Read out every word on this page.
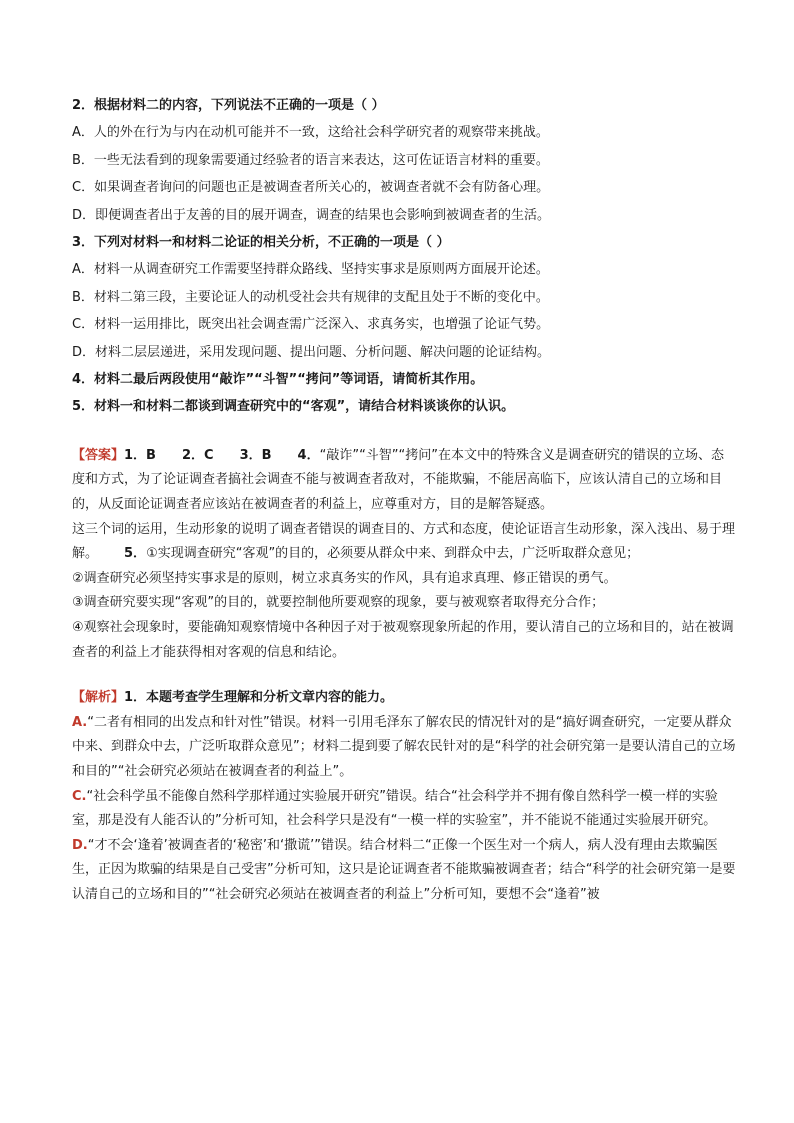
2．根据材料二的内容，下列说法不正确的一项是（ ）

A．人的外在行为与内在动机可能并不一致，这给社会科学研究者的观察带来挑战。

B．一些无法看到的现象需要通过经验者的语言来表达，这可佐证语言材料的重要。

C．如果调查者询问的问题也正是被调查者所关心的，被调查者就不会有防备心理。

D．即便调查者出于友善的目的展开调查，调查的结果也会影响到被调查者的生活。

3．下列对材料一和材料二论证的相关分析，不正确的一项是（ ）

A．材料一从调查研究工作需要坚持群众路线、坚持实事求是原则两方面展开论述。

B．材料二第三段，主要论证人的动机受社会共有规律的支配且处于不断的变化中。

C．材料一运用排比，既突出社会调查需广泛深入、求真务实，也增强了论证气势。

D．材料二层层递进，采用发现问题、提出问题、分析问题、解决问题的论证结构。

4．材料二最后两段使用“敲诈”“斗智”“拷问”等词语，请简析其作用。

5．材料一和材料二都谈到调查研究中的“客观”，请结合材料谈谈你的认识。

【答案】1．B 2．C 3．B 4．“敲诈”“斗智”“拷问”在本文中的特殊含义是调查研究的错误的立场、态度和方式，为了论证调查者搞社会调查不能与被调查者敌对，不能欺骗，不能居高临下，应该认清自己的立场和目的，从反面论证调查者应该站在被调查者的利益上，应尊重对方，目的是解答疑惑。

这三个词的运用，生动形象的说明了调查者错误的调查目的、方式和态度，使论证语言生动形象，深入浅出、易于理解。 5．①实现调查研究“客观”的目的，必须要从群众中来、到群众中去，广泛听取群众意见；

②调查研究必须坚持实事求是的原则，树立求真务实的作风，具有追求真理、修正错误的勇气。

③调查研究要实现“客观”的目的，就要控制他所要观察的现象，要与被观察者取得充分合作；

④观察社会现象时，要能确知观察情境中各种因子对于被观察现象所起的作用，要认清自己的立场和目的，站在被调查者的利益上才能获得相对客观的信息和结论。

【解析】1．本题考查学生理解和分析文章内容的能力。

A.“二者有相同的出发点和针对性”错误。材料一引用毛泽东了解农民的情况针对的是“搞好调查研究，一定要从群众中来、到群众中去，广泛听取群众意见”；材料二提到要了解农民针对的是“科学的社会研究第一是要认清自己的立场和目的”“社会研究必须站在被调查者的利益上”。

C.“社会科学虽不能像自然科学那样通过实验展开研究”错误。结合“社会科学并不拥有像自然科学一模一样的实验室，那是没有人能否认的”分析可知，社会科学只是没有“一模一样的实验室”，并不能说不能通过实验展开研究。

D.“才不会‘逢着’被调查者的‘秘密’和‘撒谎’”错误。结合材料二“正像一个医生对一个病人，病人没有理由去欺骗医生，正因为欺骗的结果是自己受害”分析可知，这只是论证调查者不能欺骗被调查者；结合“科学的社会研究第一是要认清自己的立场和目的”“社会研究必须站在被调查者的利益上”分析可知，要想不会“逢着”被
